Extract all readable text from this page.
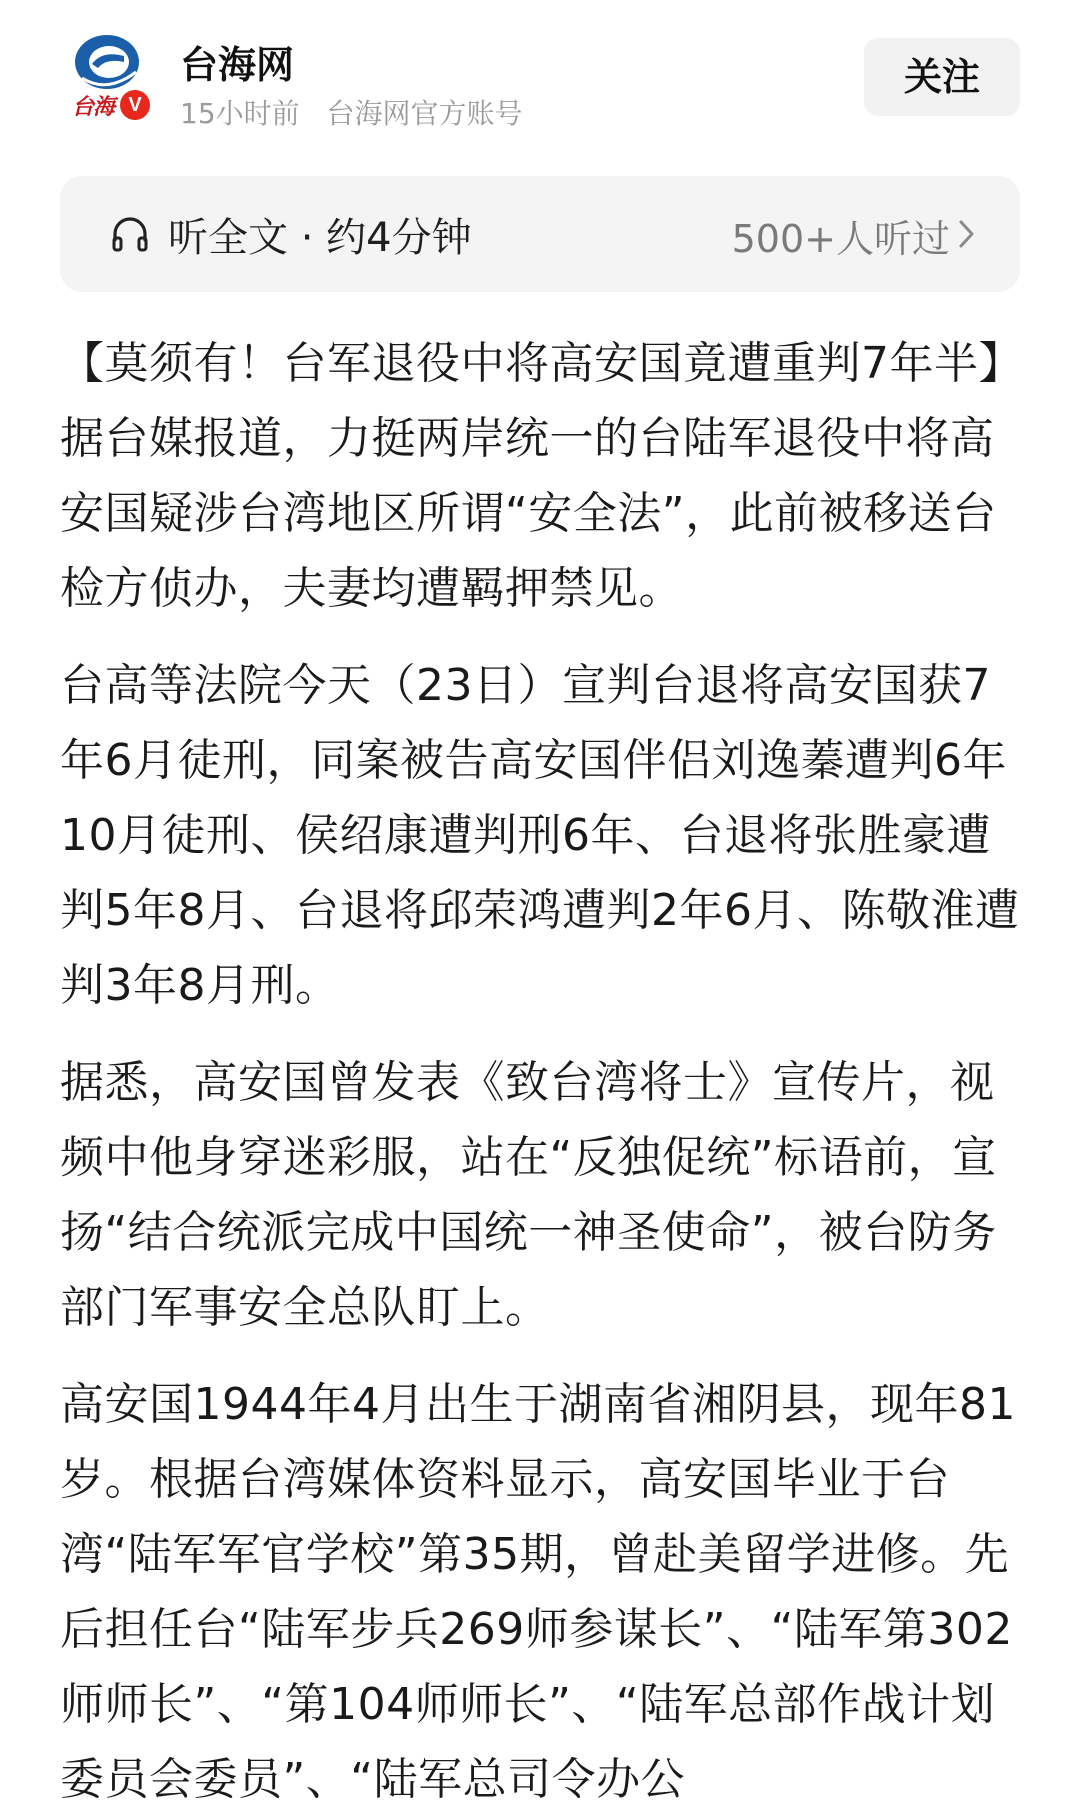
台海 V
台海网
15小时前 台海网官方账号
关注
听全文 · 约4分钟	500+人听过

【莫须有！台军退役中将高安国竟遭重判7年半】据台媒报道，力挺两岸统一的台陆军退役中将高安国疑涉台湾地区所谓“安全法”，此前被移送台检方侦办，夫妻均遭羁押禁见。

台高等法院今天（23日）宣判台退将高安国获7年6月徒刑，同案被告高安国伴侣刘逸蓁遭判6年10月徒刑、侯绍康遭判刑6年、台退将张胜豪遭判5年8月、台退将邱荣鸿遭判2年6月、陈敬淮遭判3年8月刑。

据悉，高安国曾发表《致台湾将士》宣传片，视频中他身穿迷彩服，站在“反独促统”标语前，宣扬“结合统派完成中国统一神圣使命”，被台防务部门军事安全总队盯上。

高安国1944年4月出生于湖南省湘阴县，现年81岁。根据台湾媒体资料显示，高安国毕业于台湾“陆军军官学校”第35期，曾赴美留学进修。先后担任台“陆军步兵269师参谋长”、“陆军第302师师长”、“第104师师长”、“陆军总部作战计划委员会委员”、“陆军总司令办公
